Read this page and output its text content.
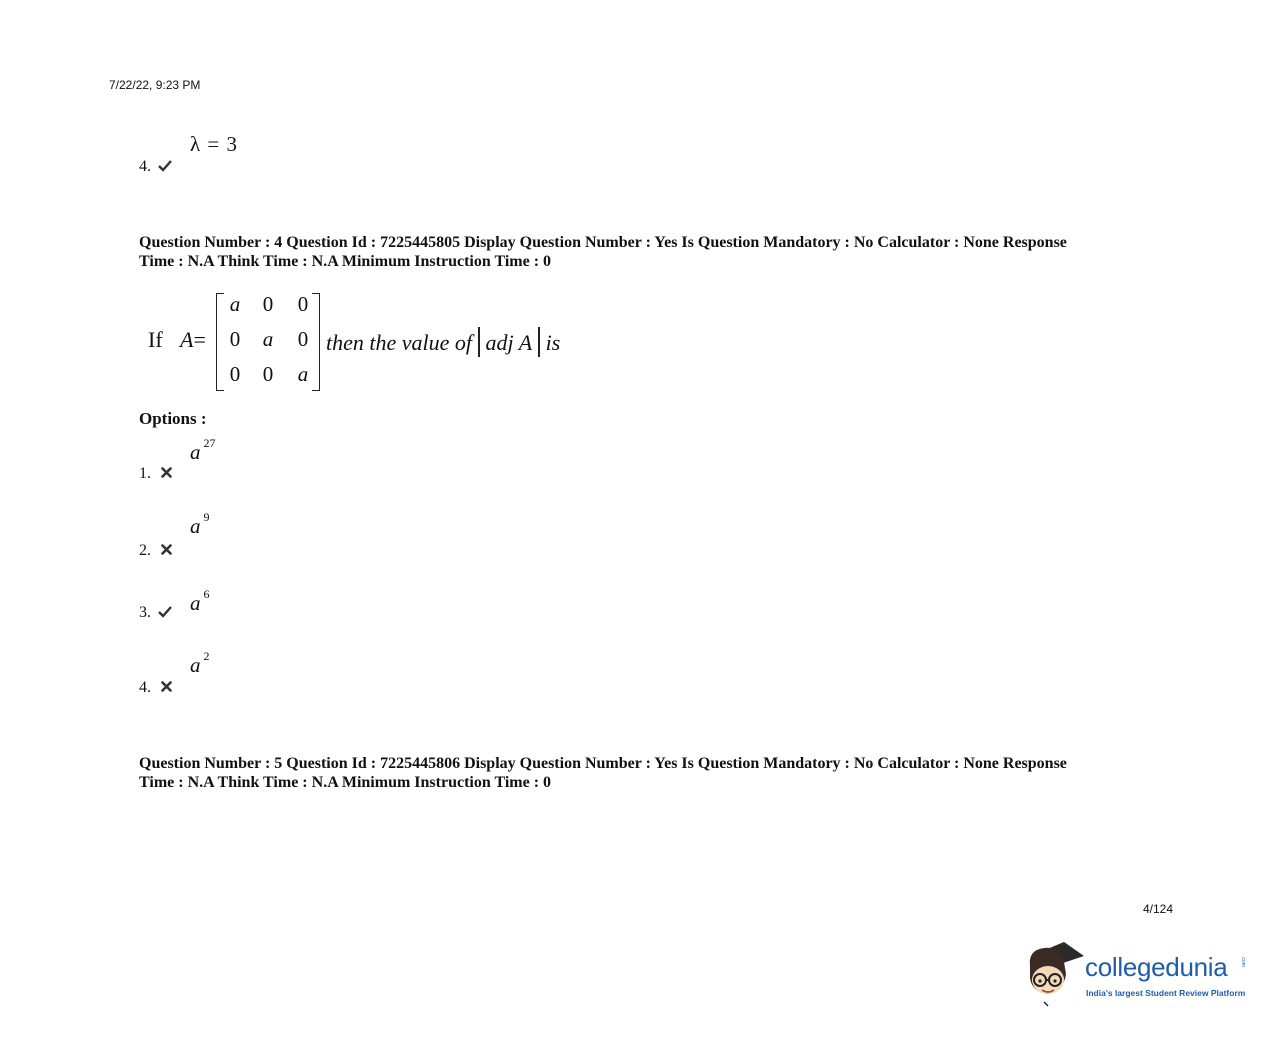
7/22/22, 9:23 PM
λ = 3
4.
Question Number : 4 Question Id : 7225445805 Display Question Number : Yes Is Question Mandatory : No Calculator : None Response
Time : N.A Think Time : N.A Minimum Instruction Time : 0
If A=
a 0 0
0 a 0
0 0 a
then the value of adj A is
Options :
a $^{27}$
1.
a $^9$
2.
3.	a $^6$
a $^2$
4.
Question Number : 5 Question Id : 7225445806 Display Question Number : Yes Is Question Mandatory : No Calculator : None Response
Time : N.A Think Time : N.A Minimum Instruction Time : 0
4/124
collegedunia	.com
India's largest Student Review Platform
